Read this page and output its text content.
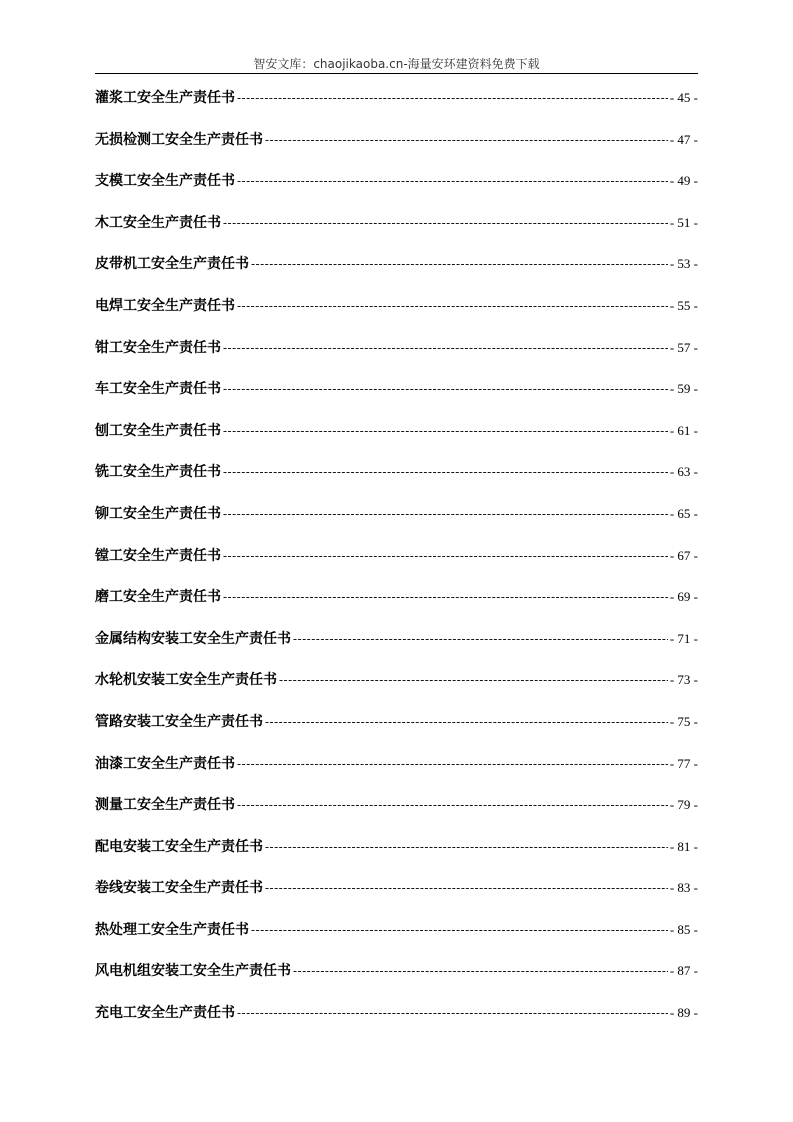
智安文库：chaojikaoba.cn-海量安环建资料免费下载
灌浆工安全生产责任书 -----	- 45 -
无损检测工安全生产责任书 -----	- 47 -
支模工安全生产责任书 -----	- 49 -
木工安全生产责任书 -----	- 51 -
皮带机工安全生产责任书 -----	- 53 -
电焊工安全生产责任书 -----	- 55 -
钳工安全生产责任书 -----	- 57 -
车工安全生产责任书 -----	- 59 -
刨工安全生产责任书 -----	- 61 -
铣工安全生产责任书 -----	- 63 -
铆工安全生产责任书 -----	- 65 -
镗工安全生产责任书 -----	- 67 -
磨工安全生产责任书 -----	- 69 -
金属结构安装工安全生产责任书 -----	- 71 -
水轮机安装工安全生产责任书 -----	- 73 -
管路安装工安全生产责任书 -----	- 75 -
油漆工安全生产责任书 -----	- 77 -
测量工安全生产责任书 -----	- 79 -
配电安装工安全生产责任书 -----	- 81 -
卷线安装工安全生产责任书 -----	- 83 -
热处理工安全生产责任书 -----	- 85 -
风电机组安装工安全生产责任书 -----	- 87 -
充电工安全生产责任书 -----	- 89 -
